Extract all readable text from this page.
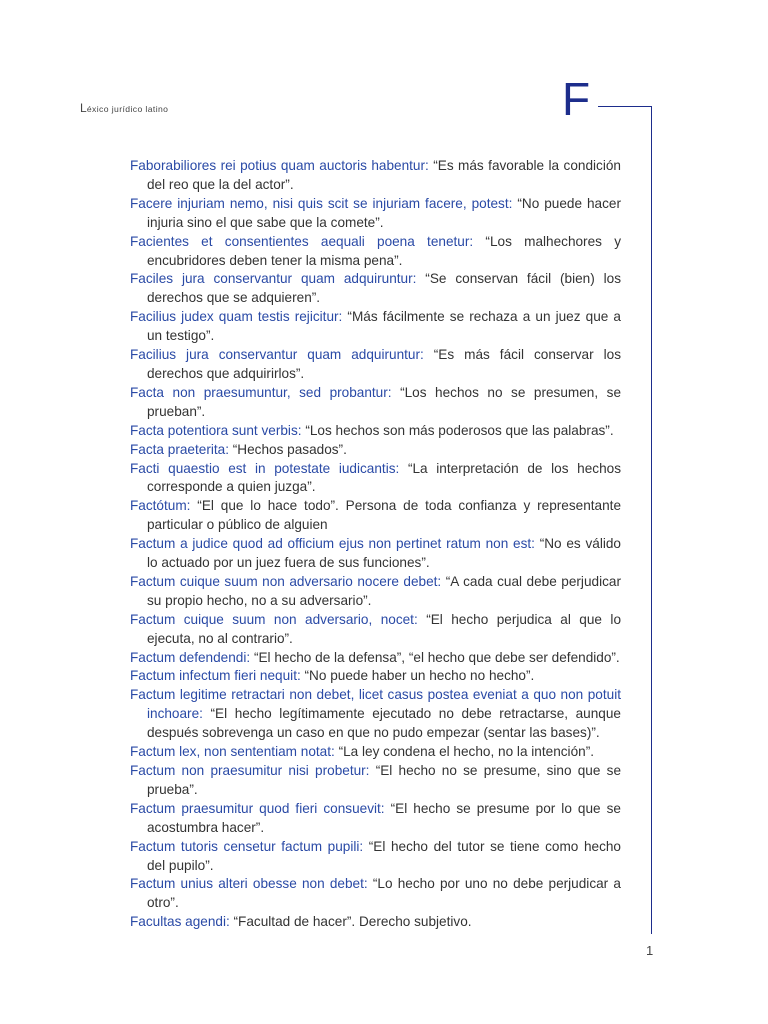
Léxico jurídico latino	F
Faborabiliores rei potius quam auctoris habentur: “Es más favorable la condición del reo que la del actor”.
Facere injuriam nemo, nisi quis scit se injuriam facere, potest: “No puede hacer injuria sino el que sabe que la comete”.
Facientes et consentientes aequali poena tenetur: “Los malhechores y encubridores deben tener la misma pena”.
Faciles jura conservantur quam adquiruntur: “Se conservan fácil (bien) los derechos que se adquieren”.
Facilius judex quam testis rejicitur: “Más fácilmente se rechaza a un juez que a un testigo”.
Facilius jura conservantur quam adquiruntur: “Es más fácil conservar los derechos que adquirirlos”.
Facta non praesumuntur, sed probantur: “Los hechos no se presumen, se prueban”.
Facta potentiora sunt verbis: “Los hechos son más poderosos que las palabras”.
Facta praeterita: “Hechos pasados”.
Facti quaestio est in potestate iudicantis: “La interpretación de los hechos corresponde a quien juzga”.
Factótum: “El que lo hace todo”. Persona de toda confianza y representante particular o público de alguien
Factum a judice quod ad officium ejus non pertinet ratum non est: “No es válido lo actuado por un juez fuera de sus funciones”.
Factum cuique suum non adversario nocere debet: “A cada cual debe perjudicar su propio hecho, no a su adversario”.
Factum cuique suum non adversario, nocet: “El hecho perjudica al que lo ejecuta, no al contrario”.
Factum defendendi: “El hecho de la defensa”, “el hecho que debe ser defendido”.
Factum infectum fieri nequit: “No puede haber un hecho no hecho”.
Factum legitime retractari non debet, licet casus postea eveniat a quo non potuit inchoare: “El hecho legítimamente ejecutado no debe retractarse, aunque después sobrevenga un caso en que no pudo empezar (sentar las bases)”.
Factum lex, non sententiam notat: “La ley condena el hecho, no la intención”.
Factum non praesumitur nisi probetur: “El hecho no se presume, sino que se prueba”.
Factum praesumitur quod fieri consuevit: “El hecho se presume por lo que se acostumbra hacer”.
Factum tutoris censetur factum pupili: “El hecho del tutor se tiene como hecho del pupilo”.
Factum unius alteri obesse non debet: “Lo hecho por uno no debe perjudicar a otro”.
Facultas agendi: “Facultad de hacer”. Derecho subjetivo.
1
